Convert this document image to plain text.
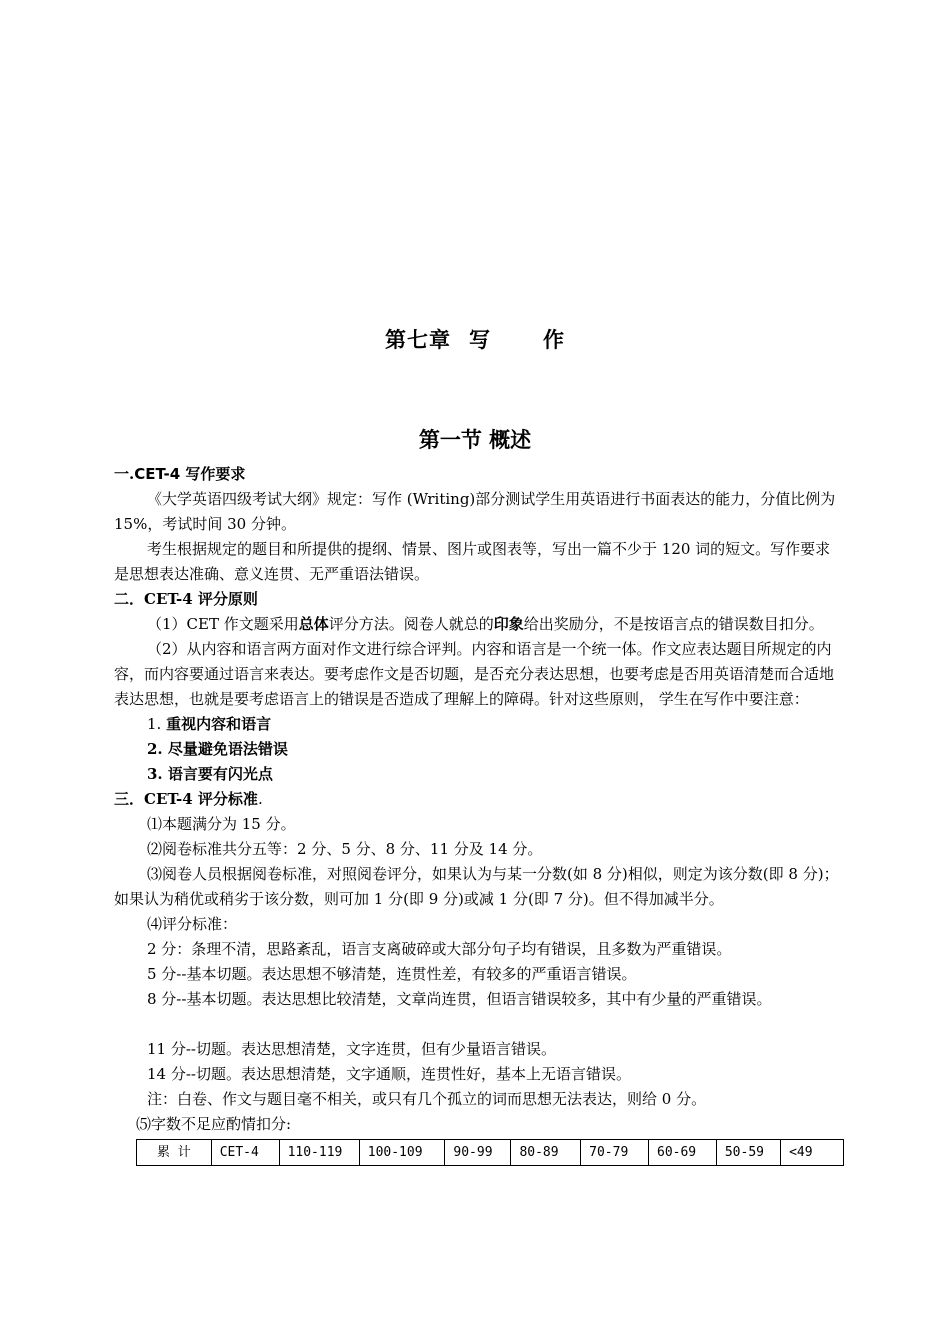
第七章 写 作
第一节 概述
一.CET-4 写作要求
《大学英语四级考试大纲》规定：写作 (Writing)部分测试学生用英语进行书面表达的能力，分值比例为 15%，考试时间 30 分钟。
考生根据规定的题目和所提供的提纲、情景、图片或图表等，写出一篇不少于 120 词的短文。写作要求是思想表达准确、意义连贯、无严重语法错误。
二．CET-4 评分原则
（1）CET 作文题采用总体评分方法。阅卷人就总的印象给出奖励分，不是按语言点的错误数目扣分。
（2）从内容和语言两方面对作文进行综合评判。内容和语言是一个统一体。作文应表达题目所规定的内容，而内容要通过语言来表达。要考虑作文是否切题，是否充分表达思想，也要考虑是否用英语清楚而合适地表达思想，也就是要考虑语言上的错误是否造成了理解上的障碍。针对这些原则， 学生在写作中要注意：
1. 重视内容和语言
2. 尽量避免语法错误
3. 语言要有闪光点
三．CET-4 评分标准.
⑴本题满分为 15 分。
⑵阅卷标准共分五等：2 分、5 分、8 分、11 分及 14 分。
⑶阅卷人员根据阅卷标准，对照阅卷评分，如果认为与某一分数(如 8 分)相似，则定为该分数(即 8 分)；如果认为稍优或稍劣于该分数，则可加 1 分(即 9 分)或减 1 分(即 7 分)。但不得加减半分。
⑷评分标准：
2 分：条理不清，思路紊乱，语言支离破碎或大部分句子均有错误，且多数为严重错误。
5 分--基本切题。表达思想不够清楚，连贯性差，有较多的严重语言错误。
8 分--基本切题。表达思想比较清楚，文章尚连贯，但语言错误较多，其中有少量的严重错误。
11 分--切题。表达思想清楚，文字连贯，但有少量语言错误。
14 分--切题。表达思想清楚，文字通顺，连贯性好，基本上无语言错误。
注：白卷、作文与题目毫不相关，或只有几个孤立的词而思想无法表达，则给 0 分。
⑸字数不足应酌情扣分:
累 计	CET-4	110-119	100-109	90-99	80-89	70-79	60-69	50-59	<49
